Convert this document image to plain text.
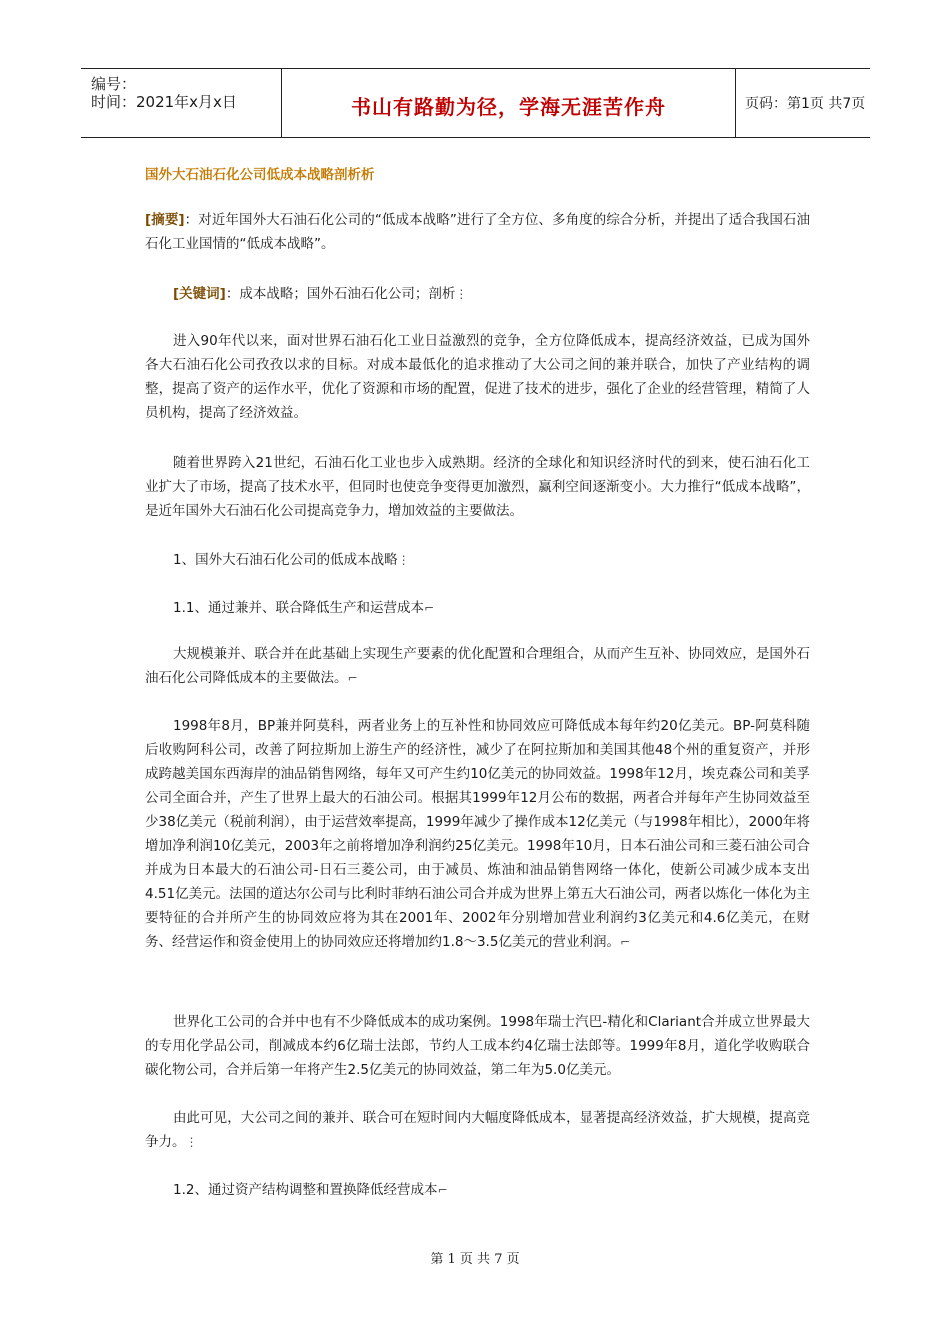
编号：
时间：2021年x月x日	书山有路勤为径，学海无涯苦作舟	页码：第1页 共7页
国外大石油石化公司低成本战略剖析析
[摘要]：对近年国外大石油石化公司的“低成本战略”进行了全方位、多角度的综合分析，并提出了适合我国石油石化工业国情的“低成本战略”。
[关键词]：成本战略；国外石油石化公司；剖析⋮
进入90年代以来，面对世界石油石化工业日益激烈的竞争，全方位降低成本，提高经济效益，已成为国外各大石油石化公司孜孜以求的目标。对成本最低化的追求推动了大公司之间的兼并联合，加快了产业结构的调整，提高了资产的运作水平，优化了资源和市场的配置，促进了技术的进步，强化了企业的经营管理，精简了人员机构，提高了经济效益。
随着世界跨入21世纪，石油石化工业也步入成熟期。经济的全球化和知识经济时代的到来，使石油石化工业扩大了市场，提高了技术水平，但同时也使竞争变得更加激烈，赢利空间逐渐变小。大力推行“低成本战略”，是近年国外大石油石化公司提高竞争力，增加效益的主要做法。
1、国外大石油石化公司的低成本战略⋮
1.1、通过兼并、联合降低生产和运营成本⌐
大规模兼并、联合并在此基础上实现生产要素的优化配置和合理组合，从而产生互补、协同效应，是国外石油石化公司降低成本的主要做法。⌐
1998年8月，BP兼并阿莫科，两者业务上的互补性和协同效应可降低成本每年约20亿美元。BP-阿莫科随后收购阿科公司，改善了阿拉斯加上游生产的经济性，减少了在阿拉斯加和美国其他48个州的重复资产，并形成跨越美国东西海岸的油品销售网络，每年又可产生约10亿美元的协同效益。1998年12月，埃克森公司和美孚公司全面合并，产生了世界上最大的石油公司。根据其1999年12月公布的数据，两者合并每年产生协同效益至少38亿美元（税前利润），由于运营效率提高，1999年减少了操作成本12亿美元（与1998年相比），2000年将增加净利润10亿美元，2003年之前将增加净利润约25亿美元。1998年10月，日本石油公司和三菱石油公司合并成为日本最大的石油公司-日石三菱公司，由于减员、炼油和油品销售网络一体化，使新公司减少成本支出4.51亿美元。法国的道达尔公司与比利时菲纳石油公司合并成为世界上第五大石油公司，两者以炼化一体化为主要特征的合并所产生的协同效应将为其在2001年、2002年分别增加营业利润约3亿美元和4.6亿美元，在财务、经营运作和资金使用上的协同效应还将增加约1.8～3.5亿美元的营业利润。⌐
世界化工公司的合并中也有不少降低成本的成功案例。1998年瑞士汽巴-精化和Clariant合并成立世界最大的专用化学品公司，削减成本约6亿瑞士法郎，节约人工成本约4亿瑞士法郎等。1999年8月，道化学收购联合碳化物公司，合并后第一年将产生2.5亿美元的协同效益，第二年为5.0亿美元。
由此可见，大公司之间的兼并、联合可在短时间内大幅度降低成本，显著提高经济效益，扩大规模，提高竞争力。⋮
1.2、通过资产结构调整和置换降低经营成本⌐
第 1 页 共 7 页
